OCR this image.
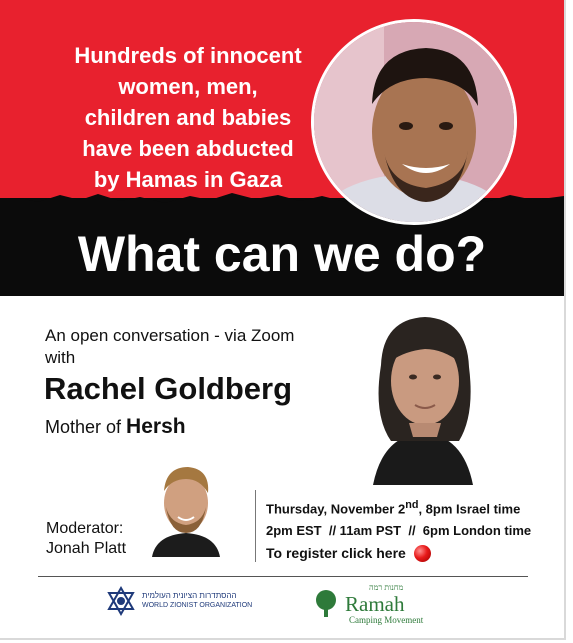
Hundreds of innocent
women, men,
children and babies
have been abducted
by Hamas in Gaza
What can we do?
An open conversation - via Zoom
with
Rachel Goldberg
Mother of Hersh
Moderator:
Jonah Platt
Thursday, November 2nd, 8pm Israel time
2pm EST  // 11am PST  //  6pm London time
To register click here
ההסתדרות הציונית העולמית
WORLD ZIONIST ORGANIZATION
מחנות רמה
Ramah
Camping Movement
